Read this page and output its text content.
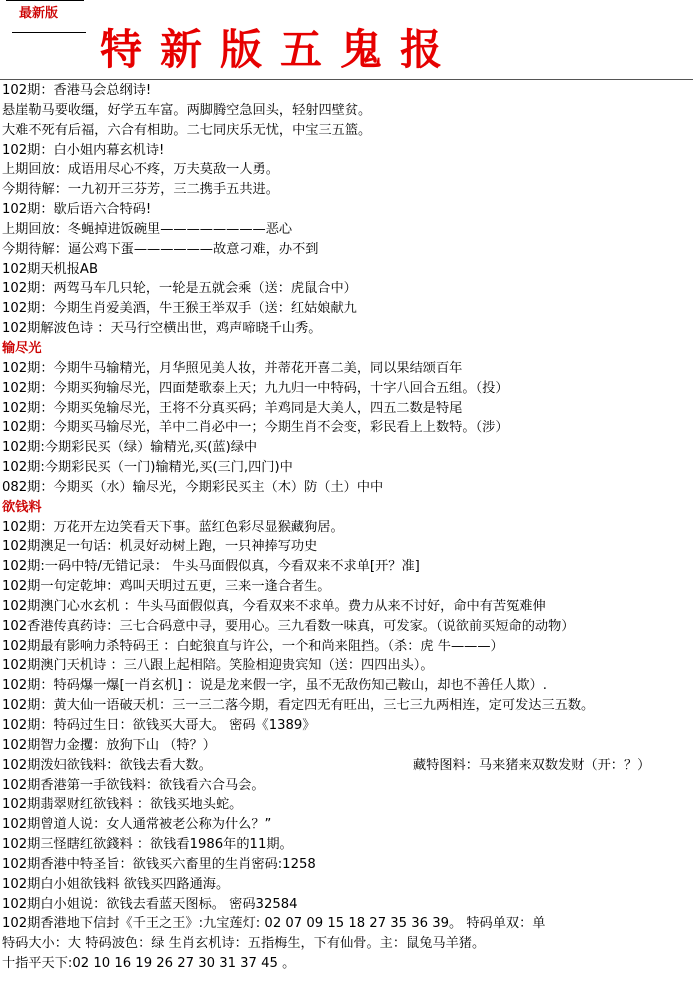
最新版
特新版五鬼报
102期：香港马会总纲诗!
悬崖勒马要收缰，好学五车富。两脚腾空急回头，轻射四壁贫。
大难不死有后福，六合有相助。二七同庆乐无忧，中宝三五篮。
102期：白小姐内幕玄机诗!
上期回放：成语用尽心不疼，万夫莫敌一人勇。
今期待解：一九初开三芬芳，三二携手五共进。
102期：歇后语六合特码!
上期回放：冬蝇掉进饭碗里————————恶心
今期待解：逼公鸡下蛋——————故意刁难，办不到
102期天机报AB
102期：两驾马车几只轮，一轮是五就会乘（送：虎鼠合中）
102期：今期生肖爱美酒，牛王猴王举双手（送：红姑娘献九
102期解波色诗 ：天马行空横出世，鸡声啼晓千山秀。
输尽光
102期：今期牛马输精光，月华照见美人妆，并蒂花开喜二美，同以果结颂百年
102期：今期买狗输尽光，四面楚歌泰上天；九九归一中特码，十字八回合五组。（投）
102期：今期买兔输尽光，王将不分真买码；羊鸡同是大美人，四五二数是特尾
102期：今期买马输尽光，羊中二肖必中一；今期生肖不会变，彩民看上上数特。（涉）
102期:今期彩民买（绿）输精光,买(蓝)绿中
102期:今期彩民买（一门)输精光,买(三门,四门)中
082期：今期买（水）输尽光，今期彩民买主（木）防（土）中中
欲钱料
102期：万花开左边笑看天下事。蓝红色彩尽显猴藏狗居。
102期澳足一句话：机灵好动树上跑，一只神捧写功史
102期:一码中特/无错记录： 牛头马面假似真，今看双来不求单[开？准]
102期一句定乾坤：鸡叫天明过五更，三来一逢合者生。
102期澳门心水玄机 ：牛头马面假似真，今看双来不求单。费力从来不讨好，命中有苦冤难伸
102香港传真药诗：三七合码意中寻，要用心。三九看数一味真，可发家。（说欲前买短命的动物）
102期最有影响力杀特码王 ：白蛇狼直与许公，一个和尚来阻挡。（杀：虎 牛———）
102期澳门天机诗 ：三八跟上起相陪。笑脸相迎贵宾知（送：四四出头）。
102期：特码爆一爆[一肖玄机] ：说是龙来假一字，虽不无敌伤知己鞍山，却也不善任人欺）.
102期：黄大仙一语破天机：三一三二落今期，看定四无有旺出，三七三九两相连，定可发达三五数。
102期：特码过生日：欲钱买大哥大。 密码《1389》
102期智力金攫：放狗下山 （特？）
102期泼妇欲钱料：欲钱去看大数。	藏特图料：马来猪来双数发财（开：？）
102期香港第一手欲钱料：欲钱看六合马会。
102期翡翠财红欲钱料 ：欲钱买地头蛇。
102期曾道人说：女人通常被老公称为什么？”
102期三怪瞎红欲錢料 ：欲钱看1986年的11期。
102期香港中特圣旨：欲钱买六畜里的生肖密码:1258
102期白小姐欲钱料 欲钱买四路通海。
102期白小姐说：欲钱去看蓝天图标。 密码32584
102期香港地下信封《千王之王》:九宝莲灯: 02 07 09 15 18 27 35 36 39。 特码单双：单
特码大小：大 特码波色：绿 生肖玄机诗：五指梅生，下有仙骨。主：鼠兔马羊猪。
十指平天下:02 10 16 19 26 27 30 31 37 45 。
